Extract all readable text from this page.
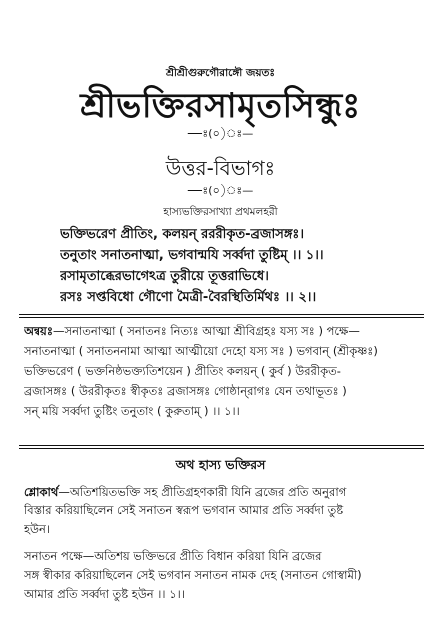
শ্রীশ্রীগুরুগৌরাঙ্গৌ জয়তঃ
শ্রীভক্তিরসামৃতসিন্ধুঃ
—ঃ(০)ঃ—
উত্তর-বিভাগঃ
—ঃ(০)ঃ—
হাস্যভক্তিরসাখ্যা প্রথমলহরী
ভক্তিভরেণ প্রীতিং, কলয়ন্ রররীকৃত-ব্রজাসঙ্গঃ।
তনুতাং সনাতনাত্মা, ভগবান্মযি সর্ব্বদা তুষ্টিম্ ।। ১।।
রসামৃতাব্ধেরভাগেঽত্র তুরীয়ে তূত্তরাভিধে।
রসঃ সপ্তবিধো গৌণো মৈত্রী-বৈরস্থিতির্মিথঃ ।। ২।।
অন্বয়ঃ—সনাতনাত্মা ( সনাতনঃ নিত্যঃ আত্মা শ্রীবিগ্রহঃ যস্য সঃ ) পক্ষে—
সনাতনাত্মা ( সনাতননামা আত্মা আত্মীয়ো দেহো যস্য সঃ ) ভগবান্ (শ্রীকৃষ্ণঃ)
ভক্তিভরেণ ( ভক্তনিষ্ঠভক্ত্যতিশয়েন ) প্রীতিং কলয়ন্ ( কুর্ব ) উররীকৃত-
ব্রজাসঙ্গঃ ( উররীকৃতঃ স্বীকৃতঃ ব্রজাসঙ্গঃ গোষ্ঠান্‌রাগঃ যেন তথাভূতঃ )
সন্ ময়ি সর্ব্বদা তুষ্টিং তনুতাং ( কুরুতাম্ ) ।। ১।।
অথ হাস্য ভক্তিরস
শ্লোকার্থ—অতিশয়িতভক্তি সহ প্রীতিগ্রহণকারী যিনি ব্রজের প্রতি অনুরাগ
বিস্তার করিয়াছিলেন সেই সনাতন স্বরূপ ভগবান আমার প্রতি সর্ব্বদা তুষ্ট
হউন।
সনাতন পক্ষে—অতিশয় ভক্তিভরে প্রীতি বিধান করিয়া যিনি ব্রজের
সঙ্গ স্বীকার করিয়াছিলেন সেই ভগবান সনাতন নামক দেহ (সনাতন গোস্বামী)
আমার প্রতি সর্ব্বদা তুষ্ট হউন ।। ১।।
